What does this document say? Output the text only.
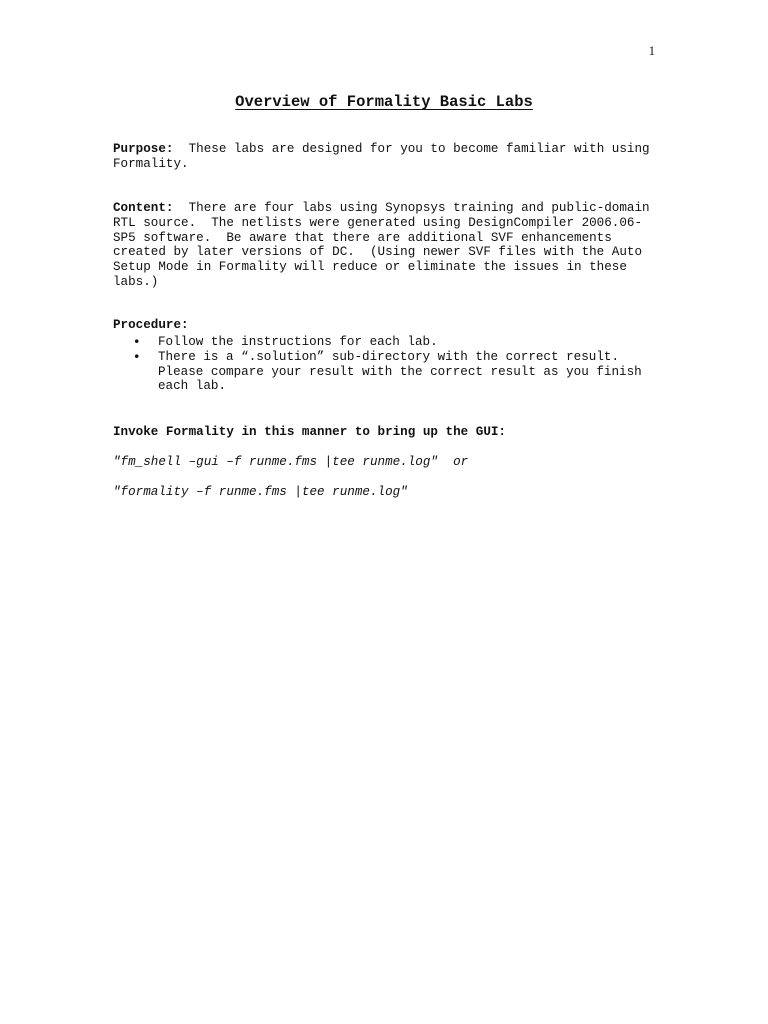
1
Overview of Formality Basic Labs
Purpose:  These labs are designed for you to become familiar with using Formality.
Content:  There are four labs using Synopsys training and public-domain RTL source.  The netlists were generated using DesignCompiler 2006.06-SP5 software.  Be aware that there are additional SVF enhancements created by later versions of DC.  (Using newer SVF files with the Auto Setup Mode in Formality will reduce or eliminate the issues in these labs.)
Procedure:
• Follow the instructions for each lab.
• There is a “.solution” sub-directory with the correct result.  Please compare your result with the correct result as you finish each lab.
Invoke Formality in this manner to bring up the GUI:
"fm_shell –gui –f runme.fms |tee runme.log"  or
"formality –f runme.fms |tee runme.log"
